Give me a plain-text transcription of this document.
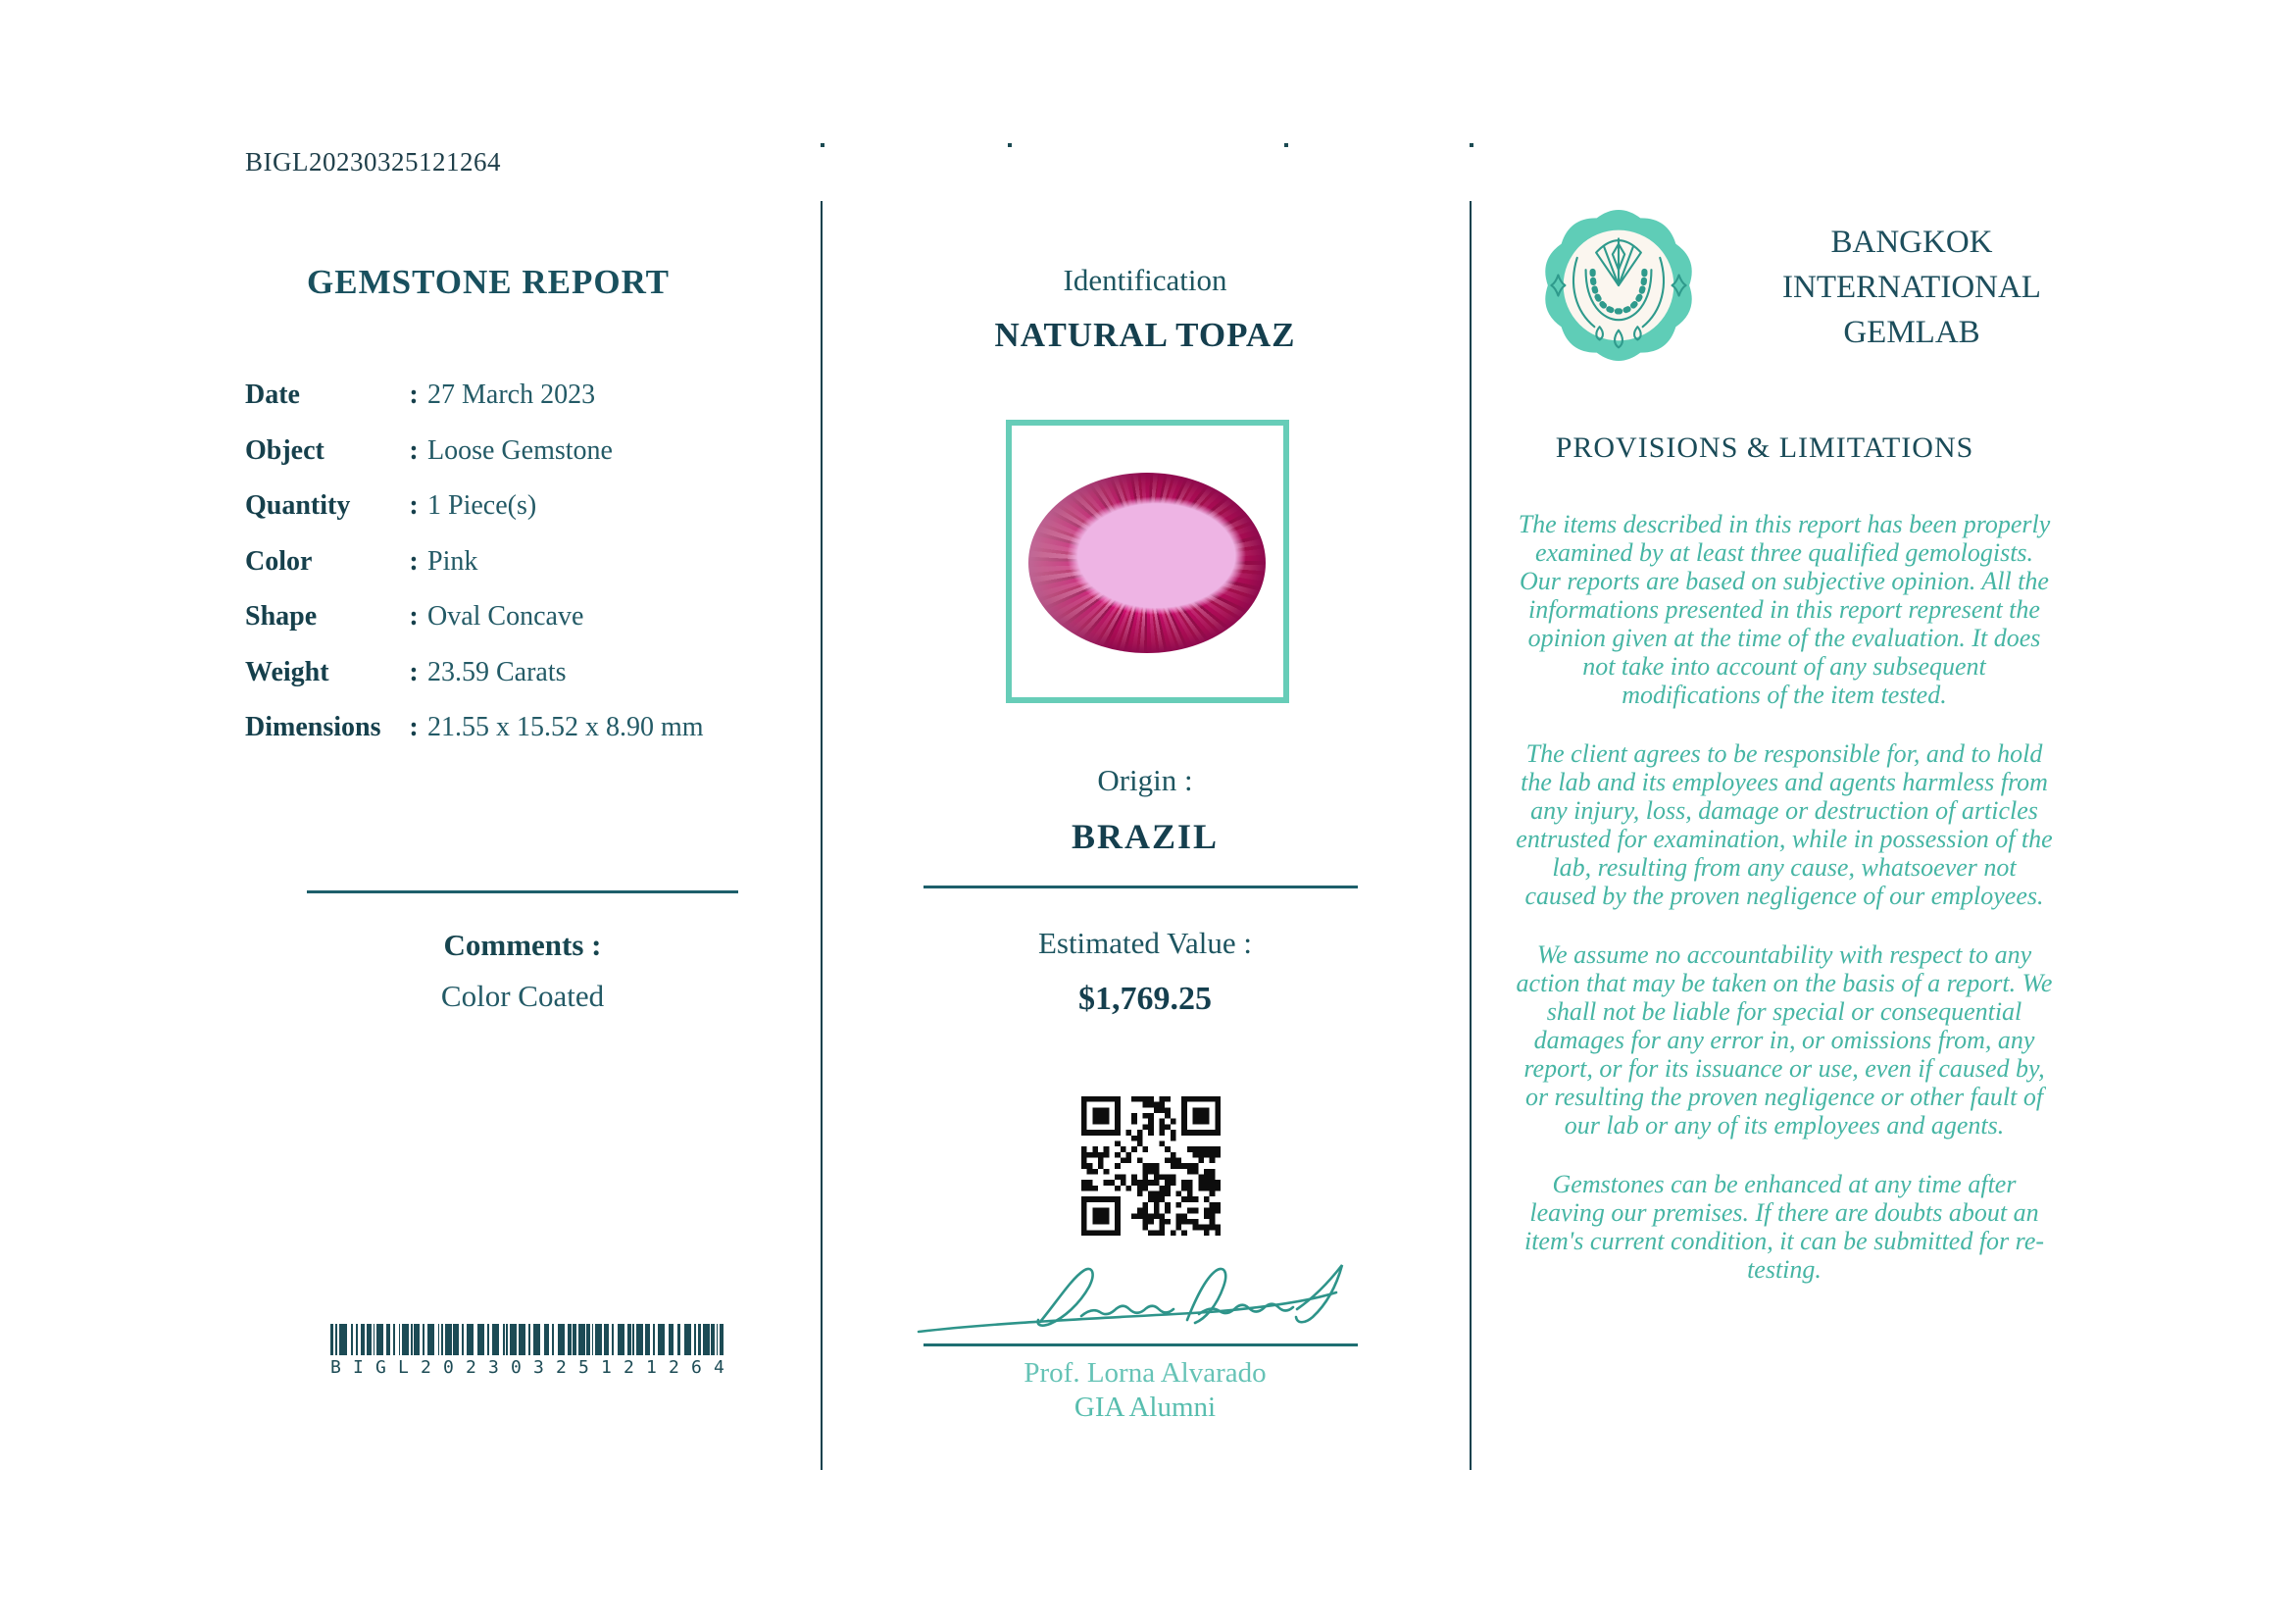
BIGL20230325121264
GEMSTONE REPORT
Date	: 27 March 2023
Object	: Loose Gemstone
Quantity	: 1 Piece(s)
Color	: Pink
Shape	: Oval Concave
Weight	: 23.59 Carats
Dimensions	: 21.55 x 15.52 x 8.90 mm
Comments :
Color Coated
B I G L 2 0 2 3 0 3 2 5 1 2 1 2 6 4
Identification
NATURAL TOPAZ
Origin :
BRAZIL
Estimated Value :
$1,769.25
Prof. Lorna Alvarado
GIA Alumni
BANGKOK
INTERNATIONAL
GEMLAB
PROVISIONS & LIMITATIONS

The items described in this report has been properly examined by at least three qualified gemologists. Our reports are based on subjective opinion. All the informations presented in this report represent the opinion given at the time of the evaluation. It does not take into account of any subsequent modifications of the item tested.

The client agrees to be responsible for, and to hold the lab and its employees and agents harmless from any injury, loss, damage or destruction of articles entrusted for examination, while in possession of the lab, resulting from any cause, whatsoever not caused by the proven negligence of our employees.

We assume no accountability with respect to any action that may be taken on the basis of a report. We shall not be liable for special or consequential damages for any error in, or omissions from, any report, or for its issuance or use, even if caused by, or resulting the proven negligence or other fault of our lab or any of its employees and agents.

Gemstones can be enhanced at any time after leaving our premises. If there are doubts about an item's current condition, it can be submitted for re-testing.
